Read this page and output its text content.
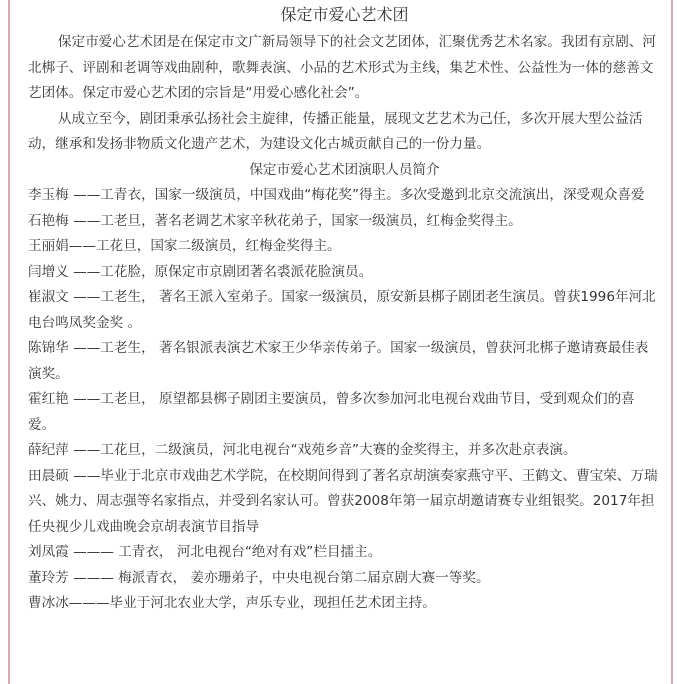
保定市爱心艺术团

保定市爱心艺术团是在保定市文广新局领导下的社会文艺团体，汇聚优秀艺术名家。我团有京剧、河北梆子、评剧和老调等戏曲剧种，歌舞表演、小品的艺术形式为主线，集艺术性、公益性为一体的慈善文艺团体。保定市爱心艺术团的宗旨是“用爱心感化社会”。

从成立至今，剧团秉承弘扬社会主旋律，传播正能量，展现文艺艺术为己任，多次开展大型公益活动，继承和发扬非物质文化遗产艺术，为建设文化古城贡献自己的一份力量。

保定市爱心艺术团演职人员简介

李玉梅 ——工青衣，国家一级演员，中国戏曲“梅花奖”得主。多次受邀到北京交流演出，深受观众喜爱

石艳梅 ——工老旦，著名老调艺术家辛秋花弟子，国家一级演员，红梅金奖得主。

王丽娟——工花旦，国家二级演员，红梅金奖得主。

闫增义 ——工花脸，原保定市京剧团著名裘派花脸演员。

崔淑文 ——工老生， 著名王派入室弟子。国家一级演员，原安新县梆子剧团老生演员。曾获1996年河北电台鸣凤奖金奖 。

陈锦华 ——工老生， 著名银派表演艺术家王少华亲传弟子。国家一级演员，曾获河北梆子邀请赛最佳表演奖。

霍红艳 ——工老旦， 原望都县梆子剧团主要演员，曾多次参加河北电视台戏曲节目，受到观众们的喜爱。

薛纪萍 ——工花旦，二级演员，河北电视台“戏苑乡音”大赛的金奖得主，并多次赴京表演。

田晨硕 ——毕业于北京市戏曲艺术学院，在校期间得到了著名京胡演奏家燕守平、王鹤文、曹宝荣、万瑞兴、姚力、周志强等名家指点，并受到名家认可。曾获2008年第一届京胡邀请赛专业组银奖。2017年担任央视少儿戏曲晚会京胡表演节目指导

刘凤霞 ——— 工青衣， 河北电视台“绝对有戏”栏目擂主。

董玲芳 ——— 梅派青衣， 姜亦珊弟子，中央电视台第二届京剧大赛一等奖。

曹冰冰———毕业于河北农业大学，声乐专业，现担任艺术团主持。
